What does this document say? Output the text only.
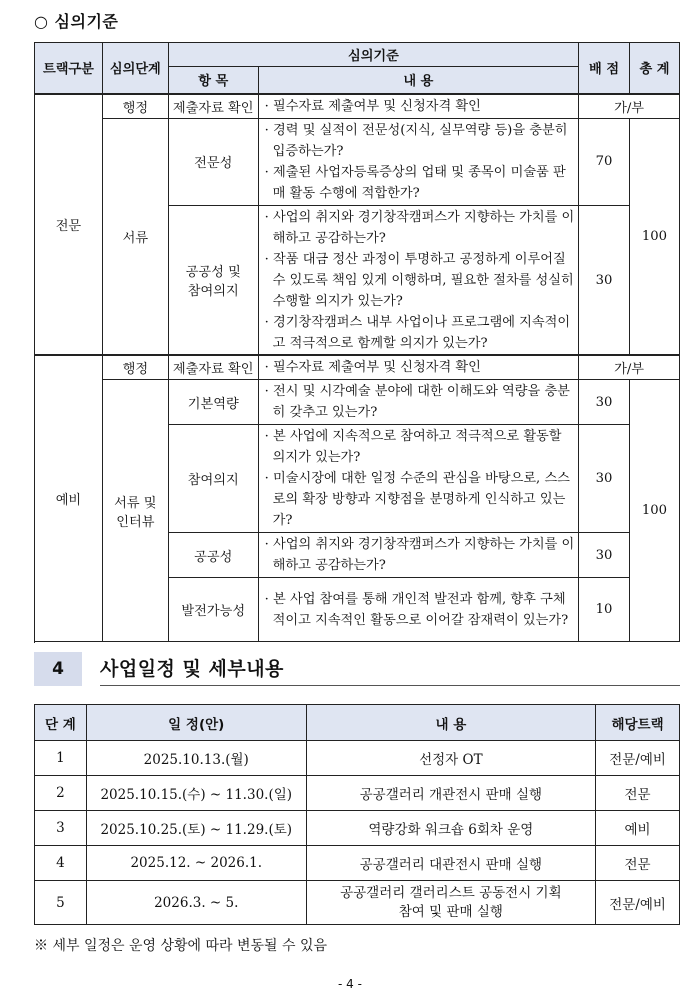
○ 심의기준
트랙구분	심의단계	심의기준		배 점	총 계
		항 목	내 용		
전문	행정	제출자료 확인	· 필수자료 제출여부 및 신청자격 확인	가/부	
	서류	전문성	· 경력 및 실적이 전문성(지식, 실무역량 등)을 충분히 입증하는가?
· 제출된 사업자등록증상의 업태 및 종목이 미술품 판매 활동 수행에 적합한가?	70	100
		공공성 및 참여의지	· 사업의 취지와 경기창작캠퍼스가 지향하는 가치를 이해하고 공감하는가?
· 작품 대금 정산 과정이 투명하고 공정하게 이루어질 수 있도록 책임 있게 이행하며, 필요한 절차를 성실히 수행할 의지가 있는가?
· 경기창작캠퍼스 내부 사업이나 프로그램에 지속적이고 적극적으로 함께할 의지가 있는가?	30	

예비	행정	제출자료 확인	· 필수자료 제출여부 및 신청자격 확인	가/부	
	서류 및 인터뷰	기본역량	· 전시 및 시각예술 분야에 대한 이해도와 역량을 충분히 갖추고 있는가?	30	100
		참여의지	· 본 사업에 지속적으로 참여하고 적극적으로 활동할 의지가 있는가?
· 미술시장에 대한 일정 수준의 관심을 바탕으로, 스스로의 확장 방향과 지향점을 분명하게 인식하고 있는가?	30	
		공공성	· 사업의 취지와 경기창작캠퍼스가 지향하는 가치를 이해하고 공감하는가?	30	
		발전가능성	· 본 사업 참여를 통해 개인적 발전과 함께, 향후 구체적이고 지속적인 활동으로 이어갈 잠재력이 있는가?	10	

4	사업일정 및 세부내용
단 계	일 정(안)	내 용	해당트랙
1	2025.10.13.(월)	선정자 OT	전문/예비
2	2025.10.15.(수) ~ 11.30.(일)	공공갤러리 개관전시 판매 실행	전문
3	2025.10.25.(토) ~ 11.29.(토)	역량강화 워크숍 6회차 운영	예비
4	2025.12. ~ 2026.1.	공공갤러리 대관전시 판매 실행	전문
5	2026.3. ~ 5.	공공갤러리 갤러리스트 공동전시 기획 참여 및 판매 실행	전문/예비
※ 세부 일정은 운영 상황에 따라 변동될 수 있음
- 4 -
